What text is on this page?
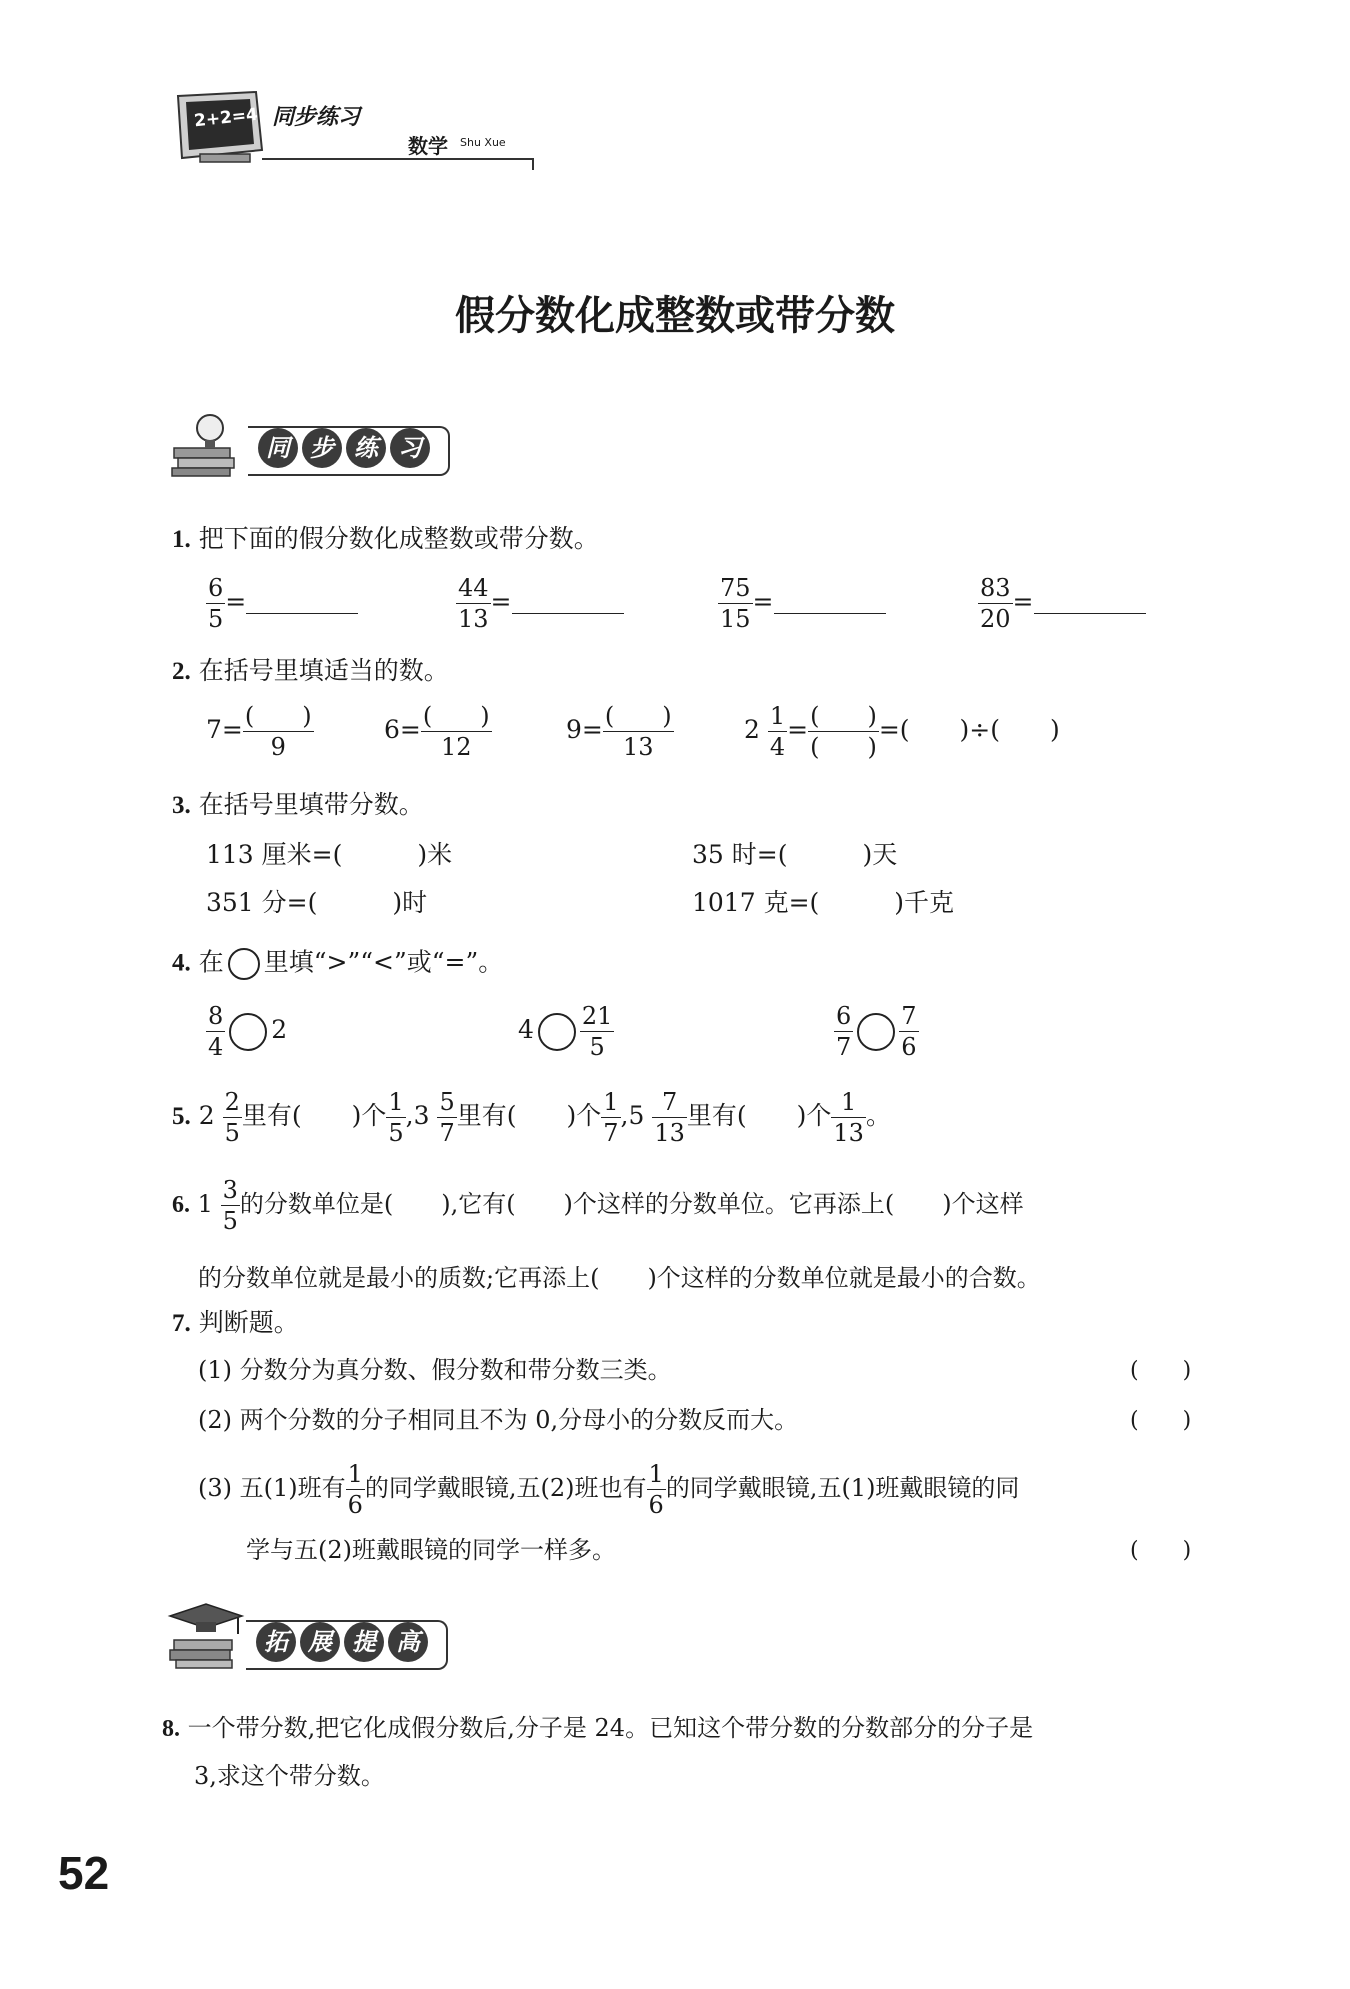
2+2=4 同步练习
数学 Shu Xue
假分数化成整数或带分数
同 步 练 习
1. 把下面的假分数化成整数或带分数。
$\frac{6}{5}$ =	$\frac{44}{13}$ =	$\frac{75}{15}$ =	$\frac{83}{20}$ =
2. 在括号里填适当的数。
$7= \frac{( )}{9}$	$6= \frac{( )}{12}$	$9= \frac{( )}{13}$	$2 \frac{1}{4} = \frac{( )}{( )}$ =(　　)÷(　　)
3. 在括号里填带分数。
113 厘米=(　　　)米	35 时=(　　　)天
351 分=(　　　)时	1017 克=(　　　)千克
4. 在 里填“>”“<”或“=”。
$\frac{8}{4} 2$	$4 \frac{21}{5}$	$\frac{6}{7} \frac{7}{6}$
5. $2 \frac{2}{5}$ 里有(　　)个 $\frac{1}{5} ,3 \frac{5}{7}$ 里有(　　)个 $\frac{1}{7} ,5 \frac{7}{13}$ 里有(　　)个 $\frac{1}{13}$ 。
6. $1 \frac{3}{5}$ 的分数单位是(　　),它有(　　)个这样的分数单位。它再添上(　　)个这样
的分数单位就是最小的质数;它再添上(　　)个这样的分数单位就是最小的合数。
7. 判断题。
(1) 分数分为真分数、假分数和带分数三类。	(　　)
(2) 两个分数的分子相同且不为 0,分母小的分数反而大。	(　　)
(3) 五(1)班有 $\frac{1}{6}$ 的同学戴眼镜,五(2)班也有 $\frac{1}{6}$ 的同学戴眼镜,五(1)班戴眼镜的同
学与五(2)班戴眼镜的同学一样多。	(　　)
拓 展 提 高
8. 一个带分数,把它化成假分数后,分子是 24。已知这个带分数的分数部分的分子是
3,求这个带分数。
52
